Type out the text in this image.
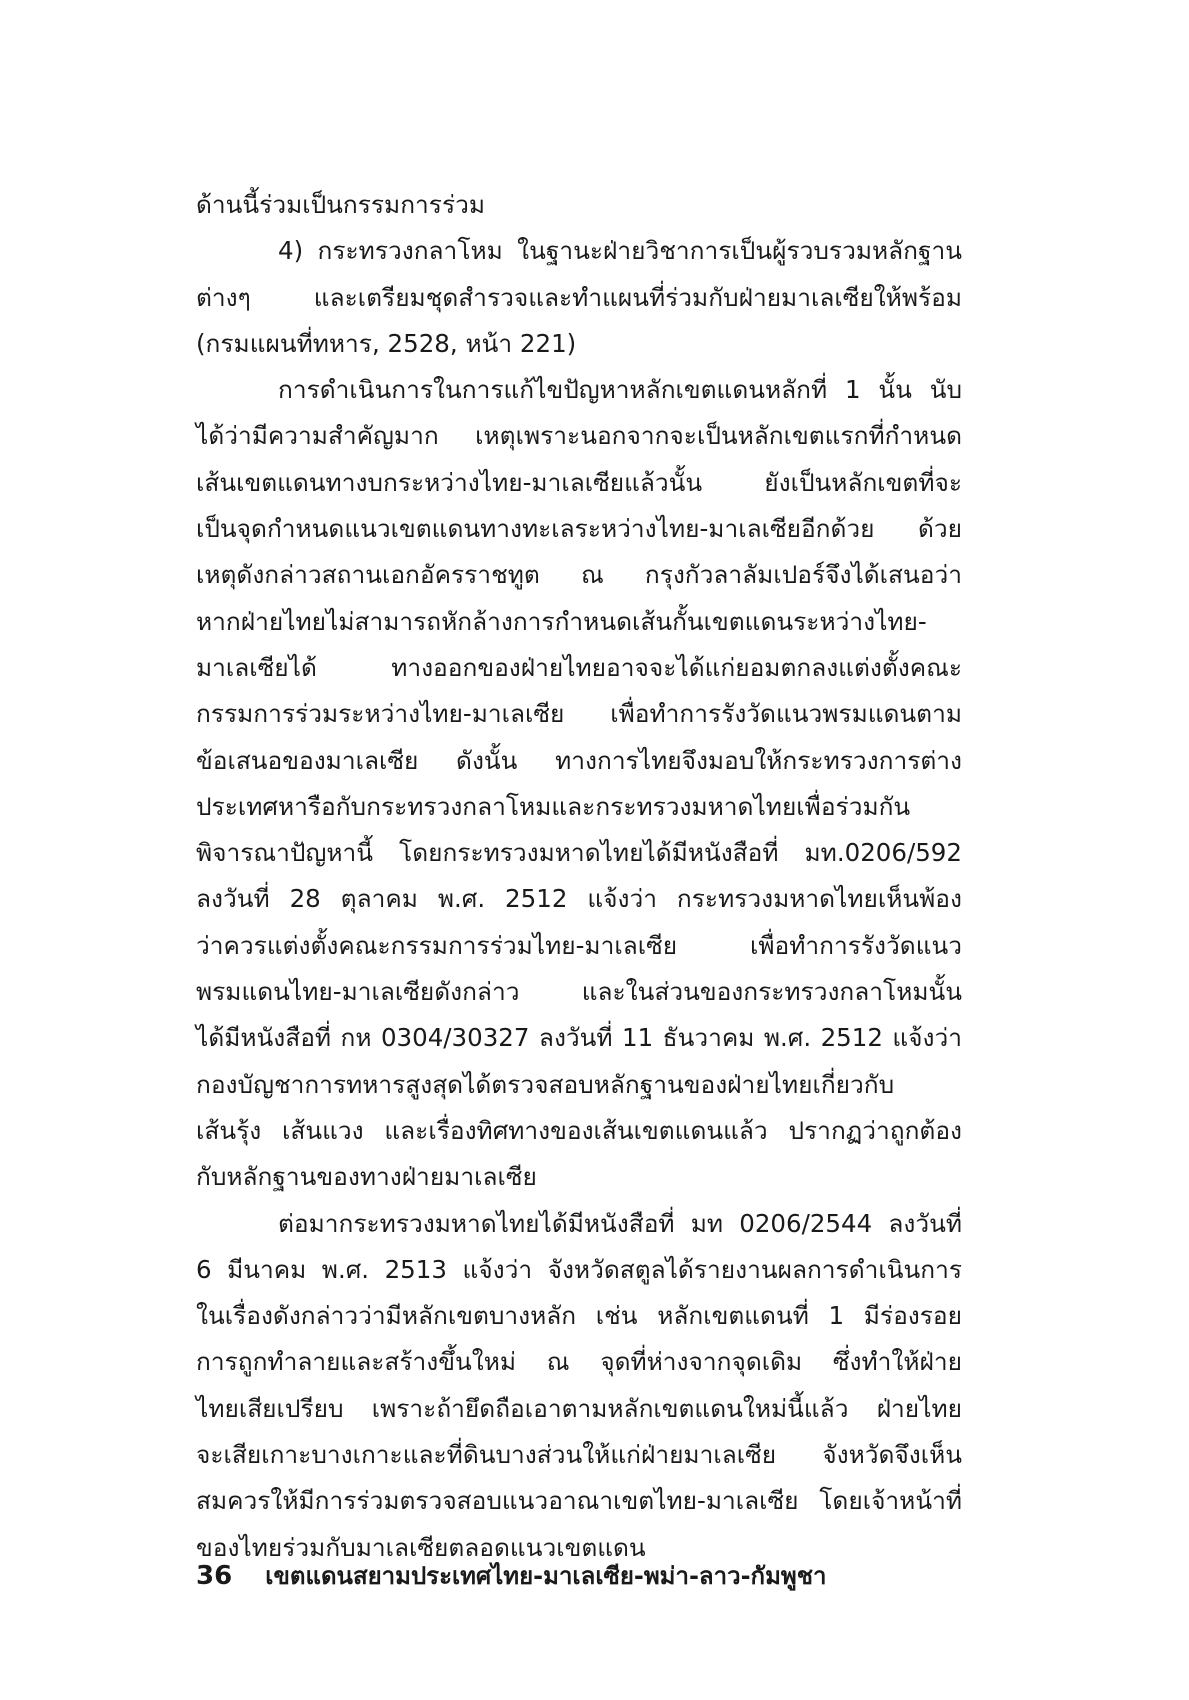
ด้านนี้ร่วมเป็นกรรมการร่วม
4) กระทรวงกลาโหม ในฐานะฝ่ายวิชาการเป็นผู้รวบรวมหลักฐาน
ต่างๆ และเตรียมชุดสำรวจและทำแผนที่ร่วมกับฝ่ายมาเลเซียให้พร้อม
(กรมแผนที่ทหาร, 2528, หน้า 221)
การดำเนินการในการแก้ไขปัญหาหลักเขตแดนหลักที่ 1 นั้น นับ
ได้ว่ามีความสำคัญมาก เหตุเพราะนอกจากจะเป็นหลักเขตแรกที่กำหนด
เส้นเขตแดนทางบกระหว่างไทย-มาเลเซียแล้วนั้น ยังเป็นหลักเขตที่จะ
เป็นจุดกำหนดแนวเขตแดนทางทะเลระหว่างไทย-มาเลเซียอีกด้วย ด้วย
เหตุดังกล่าวสถานเอกอัครราชทูต ณ กรุงกัวลาลัมเปอร์จึงได้เสนอว่า
หากฝ่ายไทยไม่สามารถหักล้างการกำหนดเส้นกั้นเขตแดนระหว่างไทย-
มาเลเซียได้ ทางออกของฝ่ายไทยอาจจะได้แก่ยอมตกลงแต่งตั้งคณะ
กรรมการร่วมระหว่างไทย-มาเลเซีย เพื่อทำการรังวัดแนวพรมแดนตาม
ข้อเสนอของมาเลเซีย ดังนั้น ทางการไทยจึงมอบให้กระทรวงการต่าง
ประเทศหารือกับกระทรวงกลาโหมและกระทรวงมหาดไทยเพื่อร่วมกัน
พิจารณาปัญหานี้ โดยกระทรวงมหาดไทยได้มีหนังสือที่ มท.0206/592
ลงวันที่ 28 ตุลาคม พ.ศ. 2512 แจ้งว่า กระทรวงมหาดไทยเห็นพ้อง
ว่าควรแต่งตั้งคณะกรรมการร่วมไทย-มาเลเซีย เพื่อทำการรังวัดแนว
พรมแดนไทย-มาเลเซียดังกล่าว และในส่วนของกระทรวงกลาโหมนั้น
ได้มีหนังสือที่ กห 0304/30327 ลงวันที่ 11 ธันวาคม พ.ศ. 2512 แจ้งว่า
กองบัญชาการทหารสูงสุดได้ตรวจสอบหลักฐานของฝ่ายไทยเกี่ยวกับ
เส้นรุ้ง เส้นแวง และเรื่องทิศทางของเส้นเขตแดนแล้ว ปรากฏว่าถูกต้อง
กับหลักฐานของทางฝ่ายมาเลเซีย
ต่อมากระทรวงมหาดไทยได้มีหนังสือที่ มท 0206/2544 ลงวันที่
6 มีนาคม พ.ศ. 2513 แจ้งว่า จังหวัดสตูลได้รายงานผลการดำเนินการ
ในเรื่องดังกล่าวว่ามีหลักเขตบางหลัก เช่น หลักเขตแดนที่ 1 มีร่องรอย
การถูกทำลายและสร้างขึ้นใหม่ ณ จุดที่ห่างจากจุดเดิม ซึ่งทำให้ฝ่าย
ไทยเสียเปรียบ เพราะถ้ายึดถือเอาตามหลักเขตแดนใหม่นี้แล้ว ฝ่ายไทย
จะเสียเกาะบางเกาะและที่ดินบางส่วนให้แก่ฝ่ายมาเลเซีย จังหวัดจึงเห็น
สมควรให้มีการร่วมตรวจสอบแนวอาณาเขตไทย-มาเลเซีย โดยเจ้าหน้าที่
ของไทยร่วมกับมาเลเซียตลอดแนวเขตแดน
36 เขตแดนสยามประเทศไทย-มาเลเซีย-พม่า-ลาว-กัมพูชา
